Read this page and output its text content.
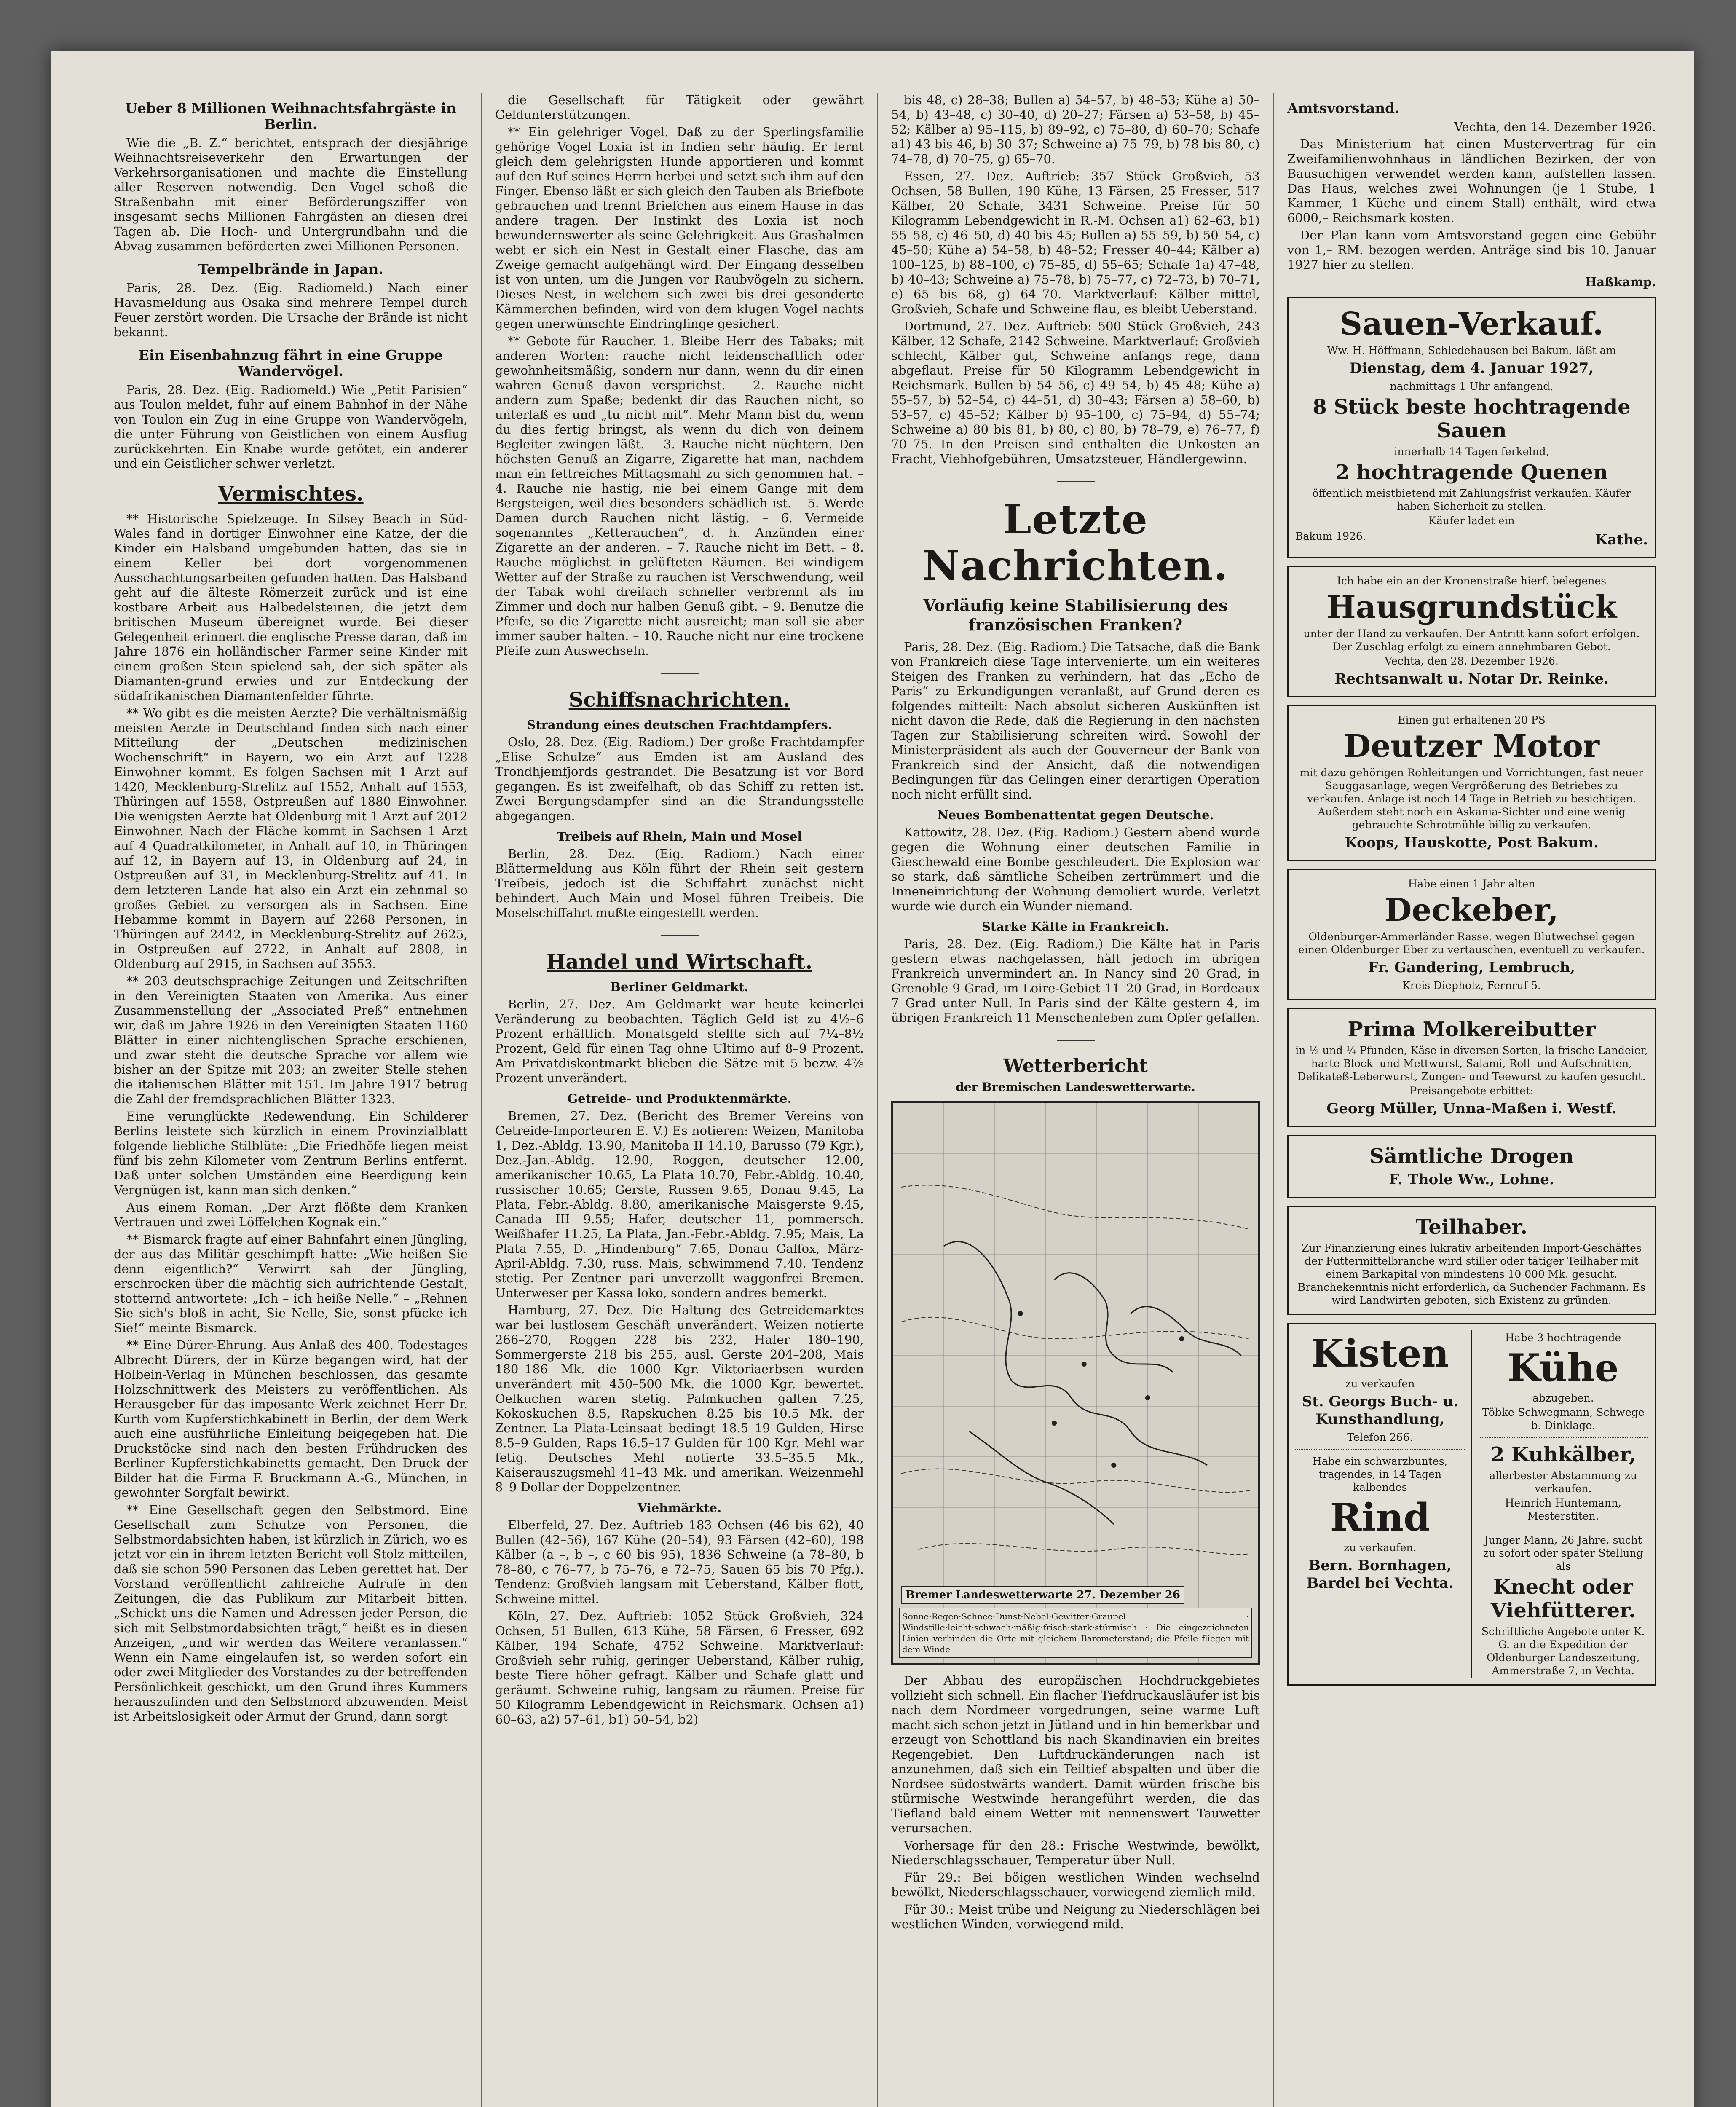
Ueber 8 Millionen Weihnachtsfahrgäste in Berlin.

Wie die „B. Z.“ berichtet, entsprach der diesjährige Weihnachtsreiseverkehr den Erwartungen der Verkehrsorganisationen und machte die Einstellung aller Reserven notwendig. Den Vogel schoß die Straßenbahn mit einer Beförderungsziffer von insgesamt sechs Millionen Fahrgästen an diesen drei Tagen ab. Die Hoch- und Untergrundbahn und die Abvag zusammen beförderten zwei Millionen Personen.

Tempelbrände in Japan.

Paris, 28. Dez. (Eig. Radiomeld.) Nach einer Havasmeldung aus Osaka sind mehrere Tempel durch Feuer zerstört worden. Die Ursache der Brände ist nicht bekannt.

Ein Eisenbahnzug fährt in eine Gruppe Wandervögel.

Paris, 28. Dez. (Eig. Radiomeld.) Wie „Petit Parisien“ aus Toulon meldet, fuhr auf einem Bahnhof in der Nähe von Toulon ein Zug in eine Gruppe von Wandervögeln, die unter Führung von Geistlichen von einem Ausflug zurückkehrten. Ein Knabe wurde getötet, ein anderer und ein Geistlicher schwer verletzt.

Vermischtes.

** Historische Spielzeuge. In Silsey Beach in Süd-Wales fand in dortiger Einwohner eine Katze, der die Kinder ein Halsband umgebunden hatten, das sie in einem Keller bei dort vorgenommenen Ausschachtungsarbeiten gefunden hatten. Das Halsband geht auf die älteste Römerzeit zurück und ist eine kostbare Arbeit aus Halbedelsteinen, die jetzt dem britischen Museum übereignet wurde. Bei dieser Gelegenheit erinnert die englische Presse daran, daß im Jahre 1876 ein holländischer Farmer seine Kinder mit einem großen Stein spielend sah, der sich später als Diamanten-grund erwies und zur Entdeckung der südafrikanischen Diamantenfelder führte.

** Wo gibt es die meisten Aerzte? Die verhältnismäßig meisten Aerzte in Deutschland finden sich nach einer Mitteilung der „Deutschen medizinischen Wochenschrift“ in Bayern, wo ein Arzt auf 1228 Einwohner kommt. Es folgen Sachsen mit 1 Arzt auf 1420, Mecklenburg-Strelitz auf 1552, Anhalt auf 1553, Thüringen auf 1558, Ostpreußen auf 1880 Einwohner. Die wenigsten Aerzte hat Oldenburg mit 1 Arzt auf 2012 Einwohner. Nach der Fläche kommt in Sachsen 1 Arzt auf 4 Quadratkilometer, in Anhalt auf 10, in Thüringen auf 12, in Bayern auf 13, in Oldenburg auf 24, in Ostpreußen auf 31, in Mecklenburg-Strelitz auf 41. In dem letzteren Lande hat also ein Arzt ein zehnmal so großes Gebiet zu versorgen als in Sachsen. Eine Hebamme kommt in Bayern auf 2268 Personen, in Thüringen auf 2442, in Mecklenburg-Strelitz auf 2625, in Ostpreußen auf 2722, in Anhalt auf 2808, in Oldenburg auf 2915, in Sachsen auf 3553.

** 203 deutschsprachige Zeitungen und Zeitschriften in den Vereinigten Staaten von Amerika. Aus einer Zusammenstellung der „Associated Preß“ entnehmen wir, daß im Jahre 1926 in den Vereinigten Staaten 1160 Blätter in einer nichtenglischen Sprache erschienen, und zwar steht die deutsche Sprache vor allem wie bisher an der Spitze mit 203; an zweiter Stelle stehen die italienischen Blätter mit 151. Im Jahre 1917 betrug die Zahl der fremdsprachlichen Blätter 1323.

Eine verunglückte Redewendung. Ein Schilderer Berlins leistete sich kürzlich in einem Provinzialblatt folgende liebliche Stilblüte: „Die Friedhöfe liegen meist fünf bis zehn Kilometer vom Zentrum Berlins entfernt. Daß unter solchen Umständen eine Beerdigung kein Vergnügen ist, kann man sich denken.“

Aus einem Roman. „Der Arzt flößte dem Kranken Vertrauen und zwei Löffelchen Kognak ein.“

** Bismarck fragte auf einer Bahnfahrt einen Jüngling, der aus das Militär geschimpft hatte: „Wie heißen Sie denn eigentlich?“ Verwirrt sah der Jüngling, erschrocken über die mächtig sich aufrichtende Gestalt, stotternd antwortete: „Ich – ich heiße Nelle.“ – „Rehnen Sie sich's bloß in acht, Sie Nelle, Sie, sonst pfücke ich Sie!“ meinte Bismarck.

** Eine Dürer-Ehrung. Aus Anlaß des 400. Todestages Albrecht Dürers, der in Kürze begangen wird, hat der Holbein-Verlag in München beschlossen, das gesamte Holzschnittwerk des Meisters zu veröffentlichen. Als Herausgeber für das imposante Werk zeichnet Herr Dr. Kurth vom Kupferstichkabinett in Berlin, der dem Werk auch eine ausführliche Einleitung beigegeben hat. Die Druckstöcke sind nach den besten Frühdrucken des Berliner Kupferstichkabinetts gemacht. Den Druck der Bilder hat die Firma F. Bruckmann A.-G., München, in gewohnter Sorgfalt bewirkt.

** Eine Gesellschaft gegen den Selbstmord. Eine Gesellschaft zum Schutze von Personen, die Selbstmordabsichten haben, ist kürzlich in Zürich, wo es jetzt vor ein in ihrem letzten Bericht voll Stolz mitteilen, daß sie schon 590 Personen das Leben gerettet hat. Der Vorstand veröffentlicht zahlreiche Aufrufe in den Zeitungen, die das Publikum zur Mitarbeit bitten. „Schickt uns die Namen und Adressen jeder Person, die sich mit Selbstmordabsichten trägt,“ heißt es in diesen Anzeigen, „und wir werden das Weitere veranlassen.“ Wenn ein Name eingelaufen ist, so werden sofort ein oder zwei Mitglieder des Vorstandes zu der betreffenden Persönlichkeit geschickt, um den Grund ihres Kummers herauszufinden und den Selbstmord abzuwenden. Meist ist Arbeitslosigkeit oder Armut der Grund, dann sorgt

die Gesellschaft für Tätigkeit oder gewährt Geldunterstützungen.

** Ein gelehriger Vogel. Daß zu der Sperlingsfamilie gehörige Vogel Loxia ist in Indien sehr häufig. Er lernt gleich dem gelehrigsten Hunde apportieren und kommt auf den Ruf seines Herrn herbei und setzt sich ihm auf den Finger. Ebenso läßt er sich gleich den Tauben als Briefbote gebrauchen und trennt Briefchen aus einem Hause in das andere tragen. Der Instinkt des Loxia ist noch bewundernswerter als seine Gelehrigkeit. Aus Grashalmen webt er sich ein Nest in Gestalt einer Flasche, das am Zweige gemacht aufgehängt wird. Der Eingang desselben ist von unten, um die Jungen vor Raubvögeln zu sichern. Dieses Nest, in welchem sich zwei bis drei gesonderte Kämmerchen befinden, wird von dem klugen Vogel nachts gegen unerwünschte Eindringlinge gesichert.

** Gebote für Raucher. 1. Bleibe Herr des Tabaks; mit anderen Worten: rauche nicht leidenschaftlich oder gewohnheitsmäßig, sondern nur dann, wenn du dir einen wahren Genuß davon versprichst. – 2. Rauche nicht andern zum Spaße; bedenkt dir das Rauchen nicht, so unterlaß es und „tu nicht mit“. Mehr Mann bist du, wenn du dies fertig bringst, als wenn du dich von deinem Begleiter zwingen läßt. – 3. Rauche nicht nüchtern. Den höchsten Genuß an Zigarre, Zigarette hat man, nachdem man ein fettreiches Mittagsmahl zu sich genommen hat. – 4. Rauche nie hastig, nie bei einem Gange mit dem Bergsteigen, weil dies besonders schädlich ist. – 5. Werde Damen durch Rauchen nicht lästig. – 6. Vermeide sogenanntes „Ketterauchen“, d. h. Anzünden einer Zigarette an der anderen. – 7. Rauche nicht im Bett. – 8. Rauche möglichst in gelüfteten Räumen. Bei windigem Wetter auf der Straße zu rauchen ist Verschwendung, weil der Tabak wohl dreifach schneller verbrennt als im Zimmer und doch nur halben Genuß gibt. – 9. Benutze die Pfeife, so die Zigarette nicht ausreicht; man soll sie aber immer sauber halten. – 10. Rauche nicht nur eine trockene Pfeife zum Auswechseln.

Schiffsnachrichten.
Strandung eines deutschen Frachtdampfers.

Oslo, 28. Dez. (Eig. Radiom.) Der große Frachtdampfer „Elise Schulze“ aus Emden ist am Ausland des Trondhjemfjords gestrandet. Die Besatzung ist vor Bord gegangen. Es ist zweifelhaft, ob das Schiff zu retten ist. Zwei Bergungsdampfer sind an die Strandungsstelle abgegangen.

Treibeis auf Rhein, Main und Mosel

Berlin, 28. Dez. (Eig. Radiom.) Nach einer Blättermeldung aus Köln führt der Rhein seit gestern Treibeis, jedoch ist die Schiffahrt zunächst nicht behindert. Auch Main und Mosel führen Treibeis. Die Moselschiffahrt mußte eingestellt werden.

Handel und Wirtschaft.
Berliner Geldmarkt.

Berlin, 27. Dez. Am Geldmarkt war heute keinerlei Veränderung zu beobachten. Täglich Geld ist zu 4½–6 Prozent erhältlich. Monatsgeld stellte sich auf 7¼–8½ Prozent, Geld für einen Tag ohne Ultimo auf 8–9 Prozent. Am Privatdiskontmarkt blieben die Sätze mit 5 bezw. 4⅞ Prozent unverändert.

Getreide- und Produktenmärkte.

Bremen, 27. Dez. (Bericht des Bremer Vereins von Getreide-Importeuren E. V.) Es notieren: Weizen, Manitoba 1, Dez.-Abldg. 13.90, Manitoba II 14.10, Barusso (79 Kgr.), Dez.-Jan.-Abldg. 12.90, Roggen, deutscher 12.00, amerikanischer 10.65, La Plata 10.70, Febr.-Abldg. 10.40, russischer 10.65; Gerste, Russen 9.65, Donau 9.45, La Plata, Febr.-Abldg. 8.80, amerikanische Maisgerste 9.45, Canada III 9.55; Hafer, deutscher 11, pommersch. Weißhafer 11.25, La Plata, Jan.-Febr.-Abldg. 7.95; Mais, La Plata 7.55, D. „Hindenburg“ 7.65, Donau Galfox, März-April-Abldg. 7.30, russ. Mais, schwimmend 7.40. Tendenz stetig. Per Zentner pari unverzollt waggonfrei Bremen. Unterweser per Kassa loko, sondern andres bemerkt.

Hamburg, 27. Dez. Die Haltung des Getreidemarktes war bei lustlosem Geschäft unverändert. Weizen notierte 266–270, Roggen 228 bis 232, Hafer 180–190, Sommergerste 218 bis 255, ausl. Gerste 204–208, Mais 180–186 Mk. die 1000 Kgr. Viktoriaerbsen wurden unverändert mit 450–500 Mk. die 1000 Kgr. bewertet. Oelkuchen waren stetig. Palmkuchen galten 7.25, Kokoskuchen 8.5, Rapskuchen 8.25 bis 10.5 Mk. der Zentner. La Plata-Leinsaat bedingt 18.5–19 Gulden, Hirse 8.5–9 Gulden, Raps 16.5–17 Gulden für 100 Kgr. Mehl war fetig. Deutsches Mehl notierte 33.5–35.5 Mk., Kaiserauszugsmehl 41–43 Mk. und amerikan. Weizenmehl 8–9 Dollar der Doppelzentner.

Viehmärkte.

Elberfeld, 27. Dez. Auftrieb 183 Ochsen (46 bis 62), 40 Bullen (42–56), 167 Kühe (20–54), 93 Färsen (42–60), 198 Kälber (a –, b –, c 60 bis 95), 1836 Schweine (a 78–80, b 78–80, c 76–77, b 75–76, e 72–75, Sauen 65 bis 70 Pfg.). Tendenz: Großvieh langsam mit Ueberstand, Kälber flott, Schweine mittel.

Köln, 27. Dez. Auftrieb: 1052 Stück Großvieh, 324 Ochsen, 51 Bullen, 613 Kühe, 58 Färsen, 6 Fresser, 692 Kälber, 194 Schafe, 4752 Schweine. Marktverlauf: Großvieh sehr ruhig, geringer Ueberstand, Kälber ruhig, beste Tiere höher gefragt. Kälber und Schafe glatt und geräumt. Schweine ruhig, langsam zu räumen. Preise für 50 Kilogramm Lebendgewicht in Reichsmark. Ochsen a1) 60–63, a2) 57–61, b1) 50–54, b2)

bis 48, c) 28–38; Bullen a) 54–57, b) 48–53; Kühe a) 50–54, b) 43–48, c) 30–40, d) 20–27; Färsen a) 53–58, b) 45–52; Kälber a) 95–115, b) 89–92, c) 75–80, d) 60–70; Schafe a1) 43 bis 46, b) 30–37; Schweine a) 75–79, b) 78 bis 80, c) 74–78, d) 70–75, g) 65–70.

Essen, 27. Dez. Auftrieb: 357 Stück Großvieh, 53 Ochsen, 58 Bullen, 190 Kühe, 13 Färsen, 25 Fresser, 517 Kälber, 20 Schafe, 3431 Schweine. Preise für 50 Kilogramm Lebendgewicht in R.-M. Ochsen a1) 62–63, b1) 55–58, c) 46–50, d) 40 bis 45; Bullen a) 55–59, b) 50–54, c) 45–50; Kühe a) 54–58, b) 48–52; Fresser 40–44; Kälber a) 100–125, b) 88–100, c) 75–85, d) 55–65; Schafe 1a) 47–48, b) 40–43; Schweine a) 75–78, b) 75–77, c) 72–73, b) 70–71, e) 65 bis 68, g) 64–70. Marktverlauf: Kälber mittel, Großvieh, Schafe und Schweine flau, es bleibt Ueberstand.

Dortmund, 27. Dez. Auftrieb: 500 Stück Großvieh, 243 Kälber, 12 Schafe, 2142 Schweine. Marktverlauf: Großvieh schlecht, Kälber gut, Schweine anfangs rege, dann abgeflaut. Preise für 50 Kilogramm Lebendgewicht in Reichsmark. Bullen b) 54–56, c) 49–54, b) 45–48; Kühe a) 55–57, b) 52–54, c) 44–51, d) 30–43; Färsen a) 58–60, b) 53–57, c) 45–52; Kälber b) 95–100, c) 75–94, d) 55–74; Schweine a) 80 bis 81, b) 80, c) 80, b) 78–79, e) 76–77, f) 70–75. In den Preisen sind enthalten die Unkosten an Fracht, Viehhofgebühren, Umsatzsteuer, Händlergewinn.

Letzte Nachrichten.
Vorläufig keine Stabilisierung des französischen Franken?

Paris, 28. Dez. (Eig. Radiom.) Die Tatsache, daß die Bank von Frankreich diese Tage intervenierte, um ein weiteres Steigen des Franken zu verhindern, hat das „Echo de Paris“ zu Erkundigungen veranlaßt, auf Grund deren es folgendes mitteilt: Nach absolut sicheren Auskünften ist nicht davon die Rede, daß die Regierung in den nächsten Tagen zur Stabilisierung schreiten wird. Sowohl der Ministerpräsident als auch der Gouverneur der Bank von Frankreich sind der Ansicht, daß die notwendigen Bedingungen für das Gelingen einer derartigen Operation noch nicht erfüllt sind.

Neues Bombenattentat gegen Deutsche.

Kattowitz, 28. Dez. (Eig. Radiom.) Gestern abend wurde gegen die Wohnung einer deutschen Familie in Gieschewald eine Bombe geschleudert. Die Explosion war so stark, daß sämtliche Scheiben zertrümmert und die Inneneinrichtung der Wohnung demoliert wurde. Verletzt wurde wie durch ein Wunder niemand.

Starke Kälte in Frankreich.

Paris, 28. Dez. (Eig. Radiom.) Die Kälte hat in Paris gestern etwas nachgelassen, hält jedoch im übrigen Frankreich unvermindert an. In Nancy sind 20 Grad, in Grenoble 9 Grad, im Loire-Gebiet 11–20 Grad, in Bordeaux 7 Grad unter Null. In Paris sind der Kälte gestern 4, im übrigen Frankreich 11 Menschenleben zum Opfer gefallen.

Wetterbericht
der Bremischen Landeswetterwarte.
Bremer Landeswetterwarte 27. Dezember 26
Sonne·Regen·Schnee·Dunst·Nebel·Gewitter·Graupel · Windstille·leicht·schwach·mäßig·frisch·stark·stürmisch · Die eingezeichneten Linien verbinden die Orte mit gleichem Barometerstand; die Pfeile fliegen mit dem Winde

Der Abbau des europäischen Hochdruckgebietes vollzieht sich schnell. Ein flacher Tiefdruckausläufer ist bis nach dem Nordmeer vorgedrungen, seine warme Luft macht sich schon jetzt in Jütland und in hin bemerkbar und erzeugt von Schottland bis nach Skandinavien ein breites Regengebiet. Den Luftdruckänderungen nach ist anzunehmen, daß sich ein Teiltief abspalten und über die Nordsee südostwärts wandert. Damit würden frische bis stürmische Westwinde herangeführt werden, die das Tiefland bald einem Wetter mit nennenswert Tauwetter verursachen.

Vorhersage für den 28.: Frische Westwinde, bewölkt, Niederschlagsschauer, Temperatur über Null.

Für 29.: Bei böigen westlichen Winden wechselnd bewölkt, Niederschlagsschauer, vorwiegend ziemlich mild.

Für 30.: Meist trübe und Neigung zu Niederschlägen bei westlichen Winden, vorwiegend mild.

Amtsvorstand.

Vechta, den 14. Dezember 1926.

Das Ministerium hat einen Mustervertrag für ein Zweifamilienwohnhaus in ländlichen Bezirken, der von Bausuchigen verwendet werden kann, aufstellen lassen. Das Haus, welches zwei Wohnungen (je 1 Stube, 1 Kammer, 1 Küche und einem Stall) enthält, wird etwa 6000,– Reichsmark kosten.

Der Plan kann vom Amtsvorstand gegen eine Gebühr von 1,– RM. bezogen werden. Anträge sind bis 10. Januar 1927 hier zu stellen.

Haßkamp.

Sauen-Verkauf.
Ww. H. Höffmann, Schledehausen bei Bakum, läßt am
Dienstag, dem 4. Januar 1927,
nachmittags 1 Uhr anfangend,
8 Stück beste hochtragende Sauen
innerhalb 14 Tagen ferkelnd,
2 hochtragende Quenen
öffentlich meistbietend mit Zahlungsfrist verkaufen. Käufer haben Sicherheit zu stellen.
Käufer ladet ein
Bakum 1926.	Kathe.
Ich habe ein an der Kronenstraße hierf. belegenes
Hausgrundstück
unter der Hand zu verkaufen. Der Antritt kann sofort erfolgen. Der Zuschlag erfolgt zu einem annehmbaren Gebot.
Vechta, den 28. Dezember 1926.
Rechtsanwalt u. Notar Dr. Reinke.
Einen gut erhaltenen 20 PS
Deutzer Motor
mit dazu gehörigen Rohleitungen und Vorrichtungen, fast neuer Sauggasanlage, wegen Vergrößerung des Betriebes zu verkaufen. Anlage ist noch 14 Tage in Betrieb zu besichtigen. Außerdem steht noch ein Askania-Sichter und eine wenig gebrauchte Schrotmühle billig zu verkaufen.
Koops, Hauskotte, Post Bakum.
Habe einen 1 Jahr alten
Deckeber,
Oldenburger-Ammerländer Rasse, wegen Blutwechsel gegen einen Oldenburger Eber zu vertauschen, eventuell zu verkaufen.
Fr. Gandering, Lembruch,
Kreis Diepholz, Fernruf 5.
Prima Molkereibutter
in ½ und ¼ Pfunden, Käse in diversen Sorten, la frische Landeier, harte Block- und Mettwurst, Salami, Roll- und Aufschnitten, Delikateß-Leberwurst, Zungen- und Teewurst zu kaufen gesucht.
Preisangebote erbittet:
Georg Müller, Unna-Maßen i. Westf.
Sämtliche Drogen
F. Thole Ww., Lohne.
Teilhaber.
Zur Finanzierung eines lukrativ arbeitenden Import-Geschäftes der Futtermittelbranche wird stiller oder tätiger Teilhaber mit einem Barkapital von mindestens 10 000 Mk. gesucht. Branchekenntnis nicht erforderlich, da Suchender Fachmann. Es wird Landwirten geboten, sich Existenz zu gründen.
Kisten
zu verkaufen
St. Georgs Buch- u. Kunsthandlung,
Telefon 266.
Habe ein schwarzbuntes, tragendes, in 14 Tagen kalbendes
Rind
zu verkaufen.
Bern. Bornhagen, Bardel bei Vechta.
Habe 3 hochtragende
Kühe
abzugeben.
Töbke-Schwegmann, Schwege b. Dinklage.
2 Kuhkälber,
allerbester Abstammung zu verkaufen.
Heinrich Huntemann, Mesterstiten.
Junger Mann, 26 Jahre, sucht zu sofort oder später Stellung als
Knecht oder Viehfütterer.
Schriftliche Angebote unter K. G. an die Expedition der Oldenburger Landeszeitung, Ammerstraße 7, in Vechta.
